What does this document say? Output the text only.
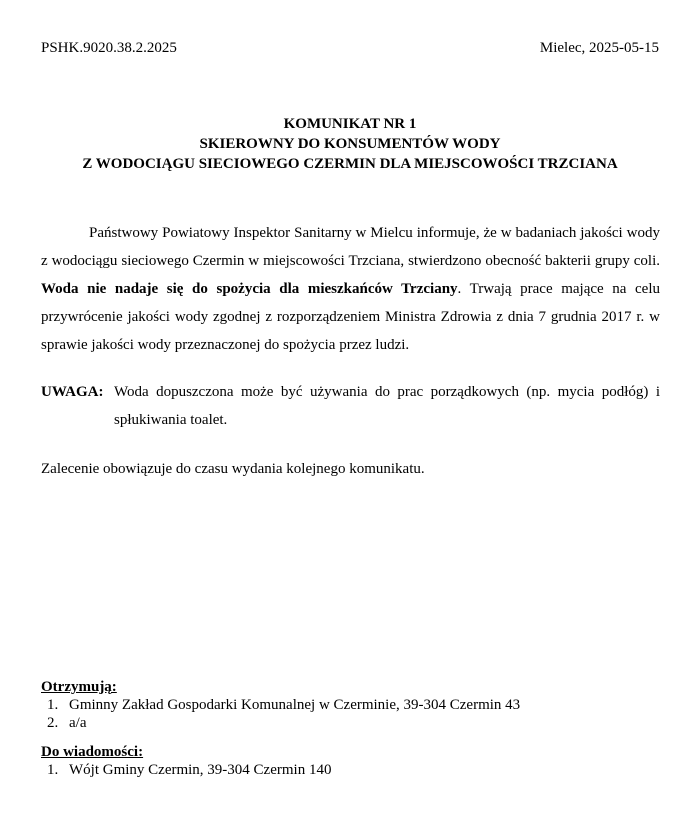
PSHK.9020.38.2.2025	Mielec, 2025-05-15
KOMUNIKAT NR 1
SKIEROWNY DO KONSUMENTÓW WODY
Z WODOCIĄGU SIECIOWEGO CZERMIN DLA MIEJSCOWOŚCI TRZCIANA
Państwowy Powiatowy Inspektor Sanitarny w Mielcu informuje, że w badaniach jakości wody z wodociągu sieciowego Czermin w miejscowości Trzciana, stwierdzono obecność bakterii grupy coli. Woda nie nadaje się do spożycia dla mieszkańców Trzciany. Trwają prace mające na celu przywrócenie jakości wody zgodnej z rozporządzeniem Ministra Zdrowia z dnia 7 grudnia 2017 r. w sprawie jakości wody przeznaczonej do spożycia przez ludzi.
UWAGA: Woda dopuszczona może być używania do prac porządkowych (np. mycia podłóg) i spłukiwania toalet.
Zalecenie obowiązuje do czasu wydania kolejnego komunikatu.
Otrzymują:
1. Gminny Zakład Gospodarki Komunalnej w Czerminie, 39-304 Czermin 43
2. a/a
Do wiadomości:
1. Wójt Gminy Czermin, 39-304 Czermin 140
